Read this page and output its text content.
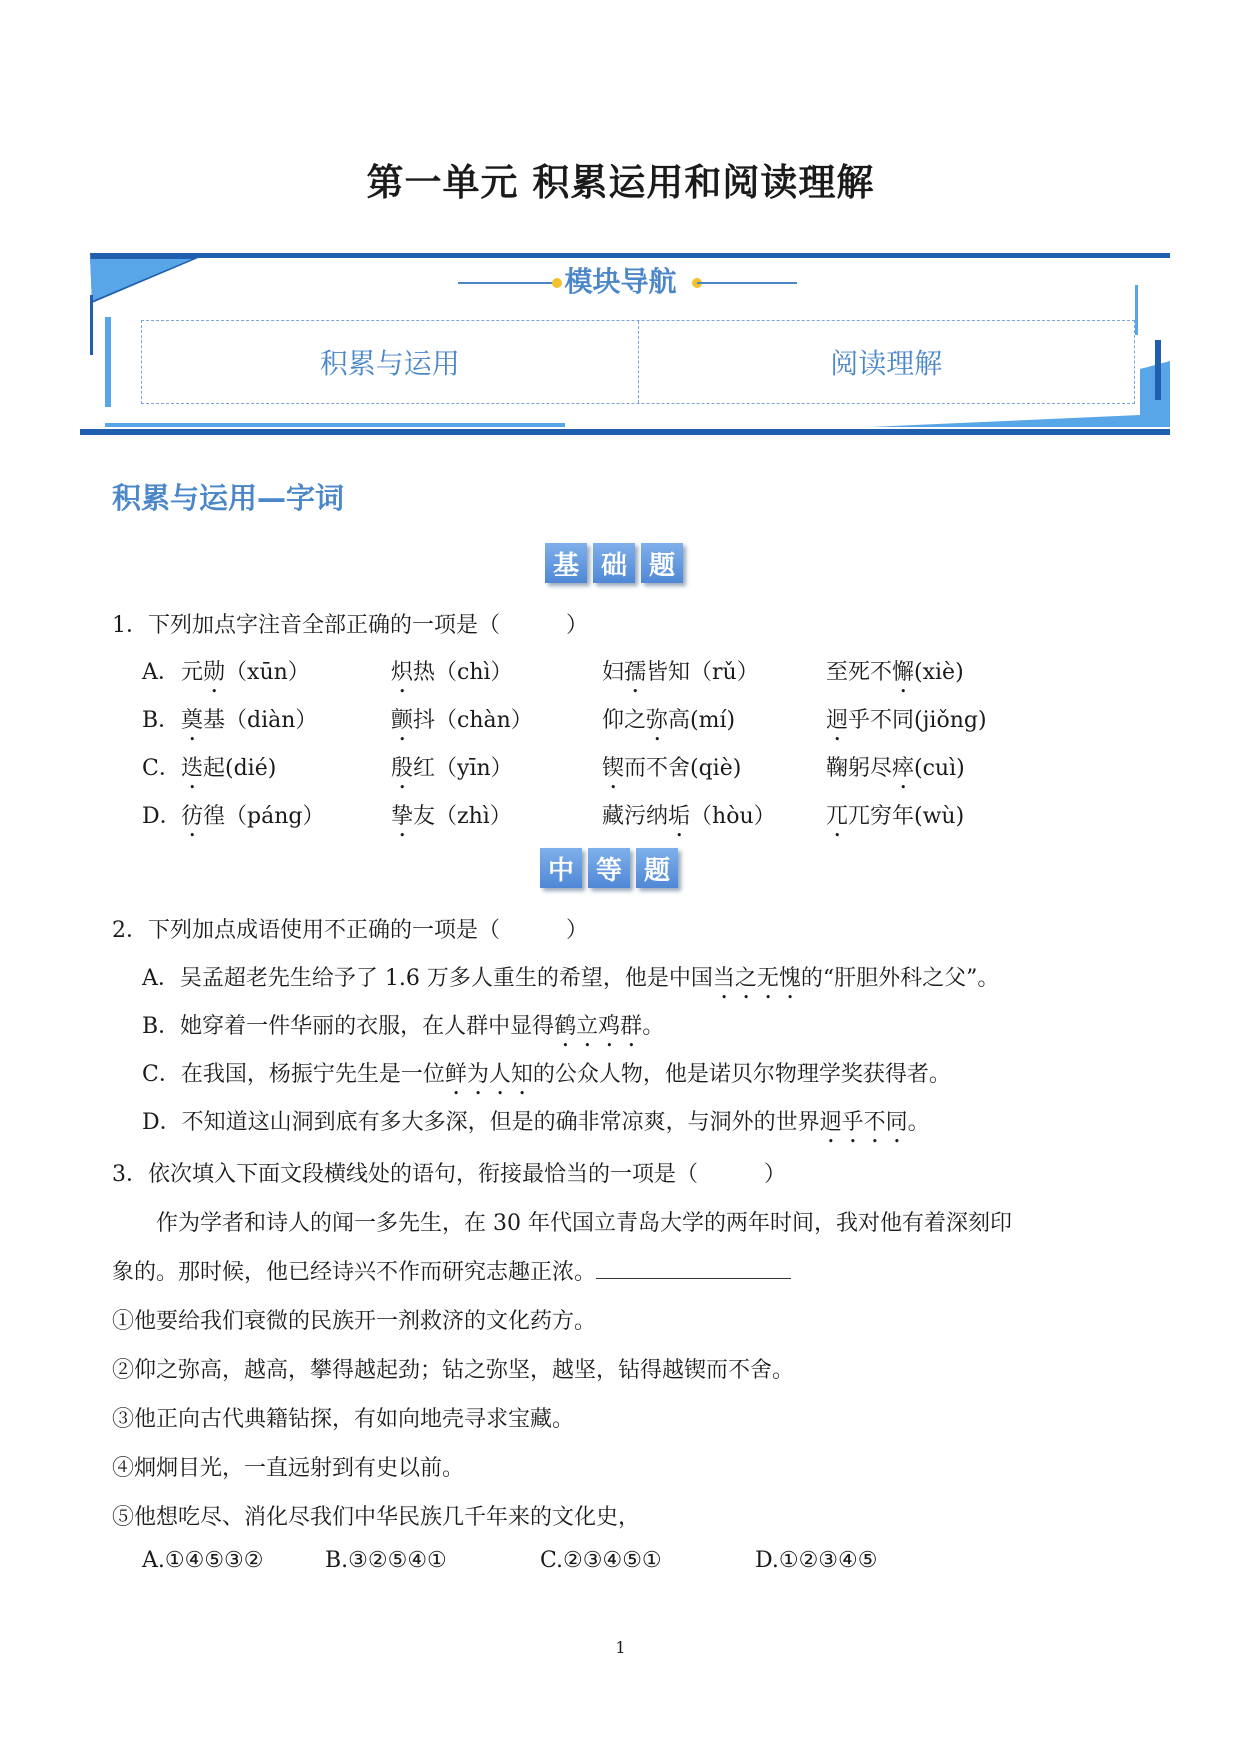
第一单元 积累运用和阅读理解
模块导航
积累与运用	阅读理解
积累与运用—字词
基 础 题
1．下列加点字注音全部正确的一项是（　　　）
A． 元勋（xūn）	炽热（chì）	妇孺皆知（rǔ）	至死不懈(xiè)
B． 奠基（diàn）	颤抖（chàn）	仰之弥高(mí)	迥乎不同(jiǒng)
C． 迭起(dié)	殷红（yīn）	锲而不舍(qiè)	鞠躬尽瘁(cuì)
D． 彷徨（páng）	挚友（zhì）	藏污纳垢（hòu） 兀兀穷年(wù)
中 等 题
2．下列加点成语使用不正确的一项是（　　　）
A．吴孟超老先生给予了 1.6 万多人重生的希望，他是中国当之无愧的“肝胆外科之父”。
B．她穿着一件华丽的衣服，在人群中显得鹤立鸡群。
C．在我国，杨振宁先生是一位鲜为人知的公众人物，他是诺贝尔物理学奖获得者。
D．不知道这山洞到底有多大多深，但是的确非常凉爽，与洞外的世界迥乎不同。
3．依次填入下面文段横线处的语句，衔接最恰当的一项是（　　　）
作为学者和诗人的闻一多先生，在 30 年代国立青岛大学的两年时间，我对他有着深刻印
象的。那时候，他已经诗兴不作而研究志趣正浓。
①他要给我们衰微的民族开一剂救济的文化药方。
②仰之弥高，越高，攀得越起劲；钻之弥坚，越坚，钻得越锲而不舍。
③他正向古代典籍钻探，有如向地壳寻求宝藏。
④炯炯目光，一直远射到有史以前。
⑤他想吃尽、消化尽我们中华民族几千年来的文化史，
A.①④⑤③②	B.③②⑤④①	C.②③④⑤①	D.①②③④⑤
1
